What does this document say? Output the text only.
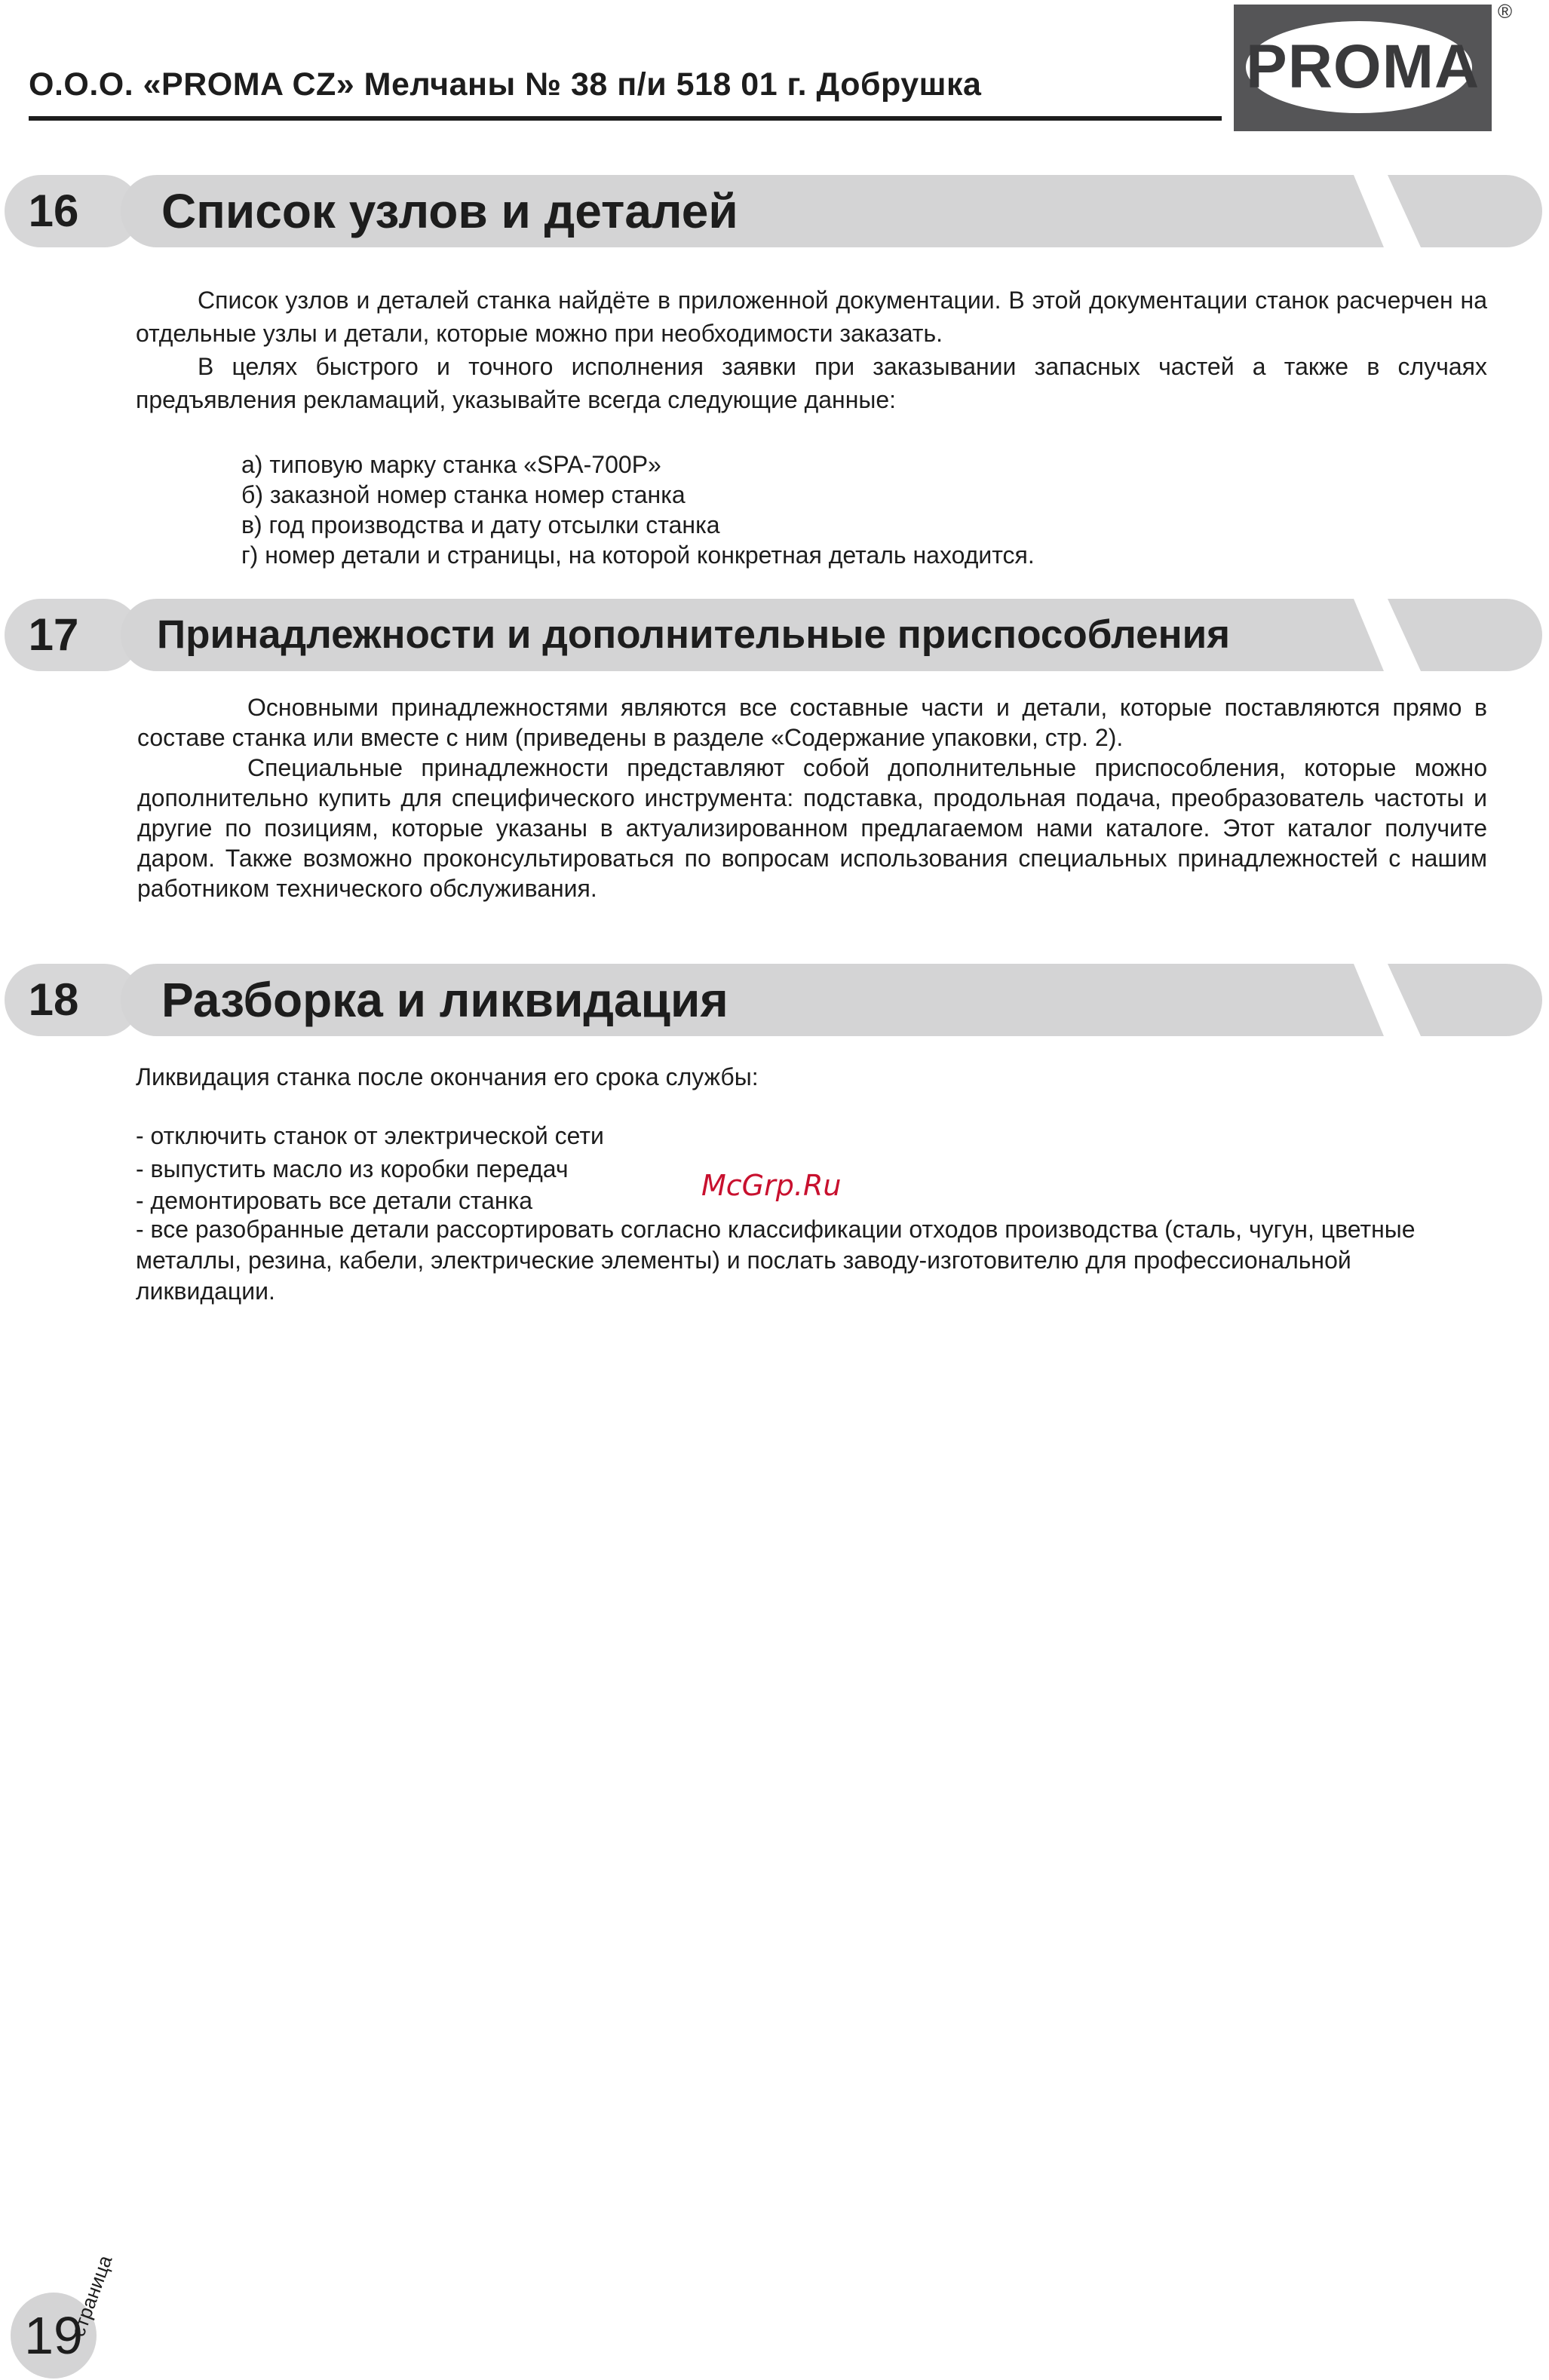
О.О.О. «PROMA CZ» Мелчаны № 38 п/и 518 01 г. Добрушка	PROMA
®
16	Список узлов и деталей
Список узлов и деталей станка найдёте в приложенной документации. В этой документации станок расчерчен на отдельные узлы и детали, которые можно при необходимости заказать.
В целях быстрого и точного исполнения заявки при заказывании запасных частей а также в случаях предъявления рекламаций, указывайте всегда следующие данные:
а) типовую марку станка «SPA-700P»
б) заказной номер станка номер станка
в) год производства и дату отсылки станка
г) номер детали и страницы, на которой конкретная деталь находится.
17	Принадлежности и дополнительные приспособления
Основными принадлежностями являются все составные части и детали, которые поставляются прямо в составе станка или вместе с ним (приведены в разделе «Содержание упаковки, стр. 2).
Специальные принадлежности представляют собой дополнительные приспособления, которые можно дополнительно купить для специфического инструмента: подставка, продольная подача, преобразователь частоты и другие по позициям, которые указаны в актуализированном предлагаемом нами каталоге. Этот каталог получите даром. Также возможно проконсультироваться по вопросам использования специальных принадлежностей с нашим работником технического обслуживания.
18	Разборка и ликвидация
Ликвидация станка после окончания его срока службы:
- отключить станок от электрической сети
- выпустить масло из коробки передач
- демонтировать все детали станка
- все разобранные детали рассортировать согласно классификации отходов производства (сталь, чугун, цветные металлы, резина, кабели, электрические элементы) и послать заводу-изготовителю для профессиональной ликвидации.
McGrp.Ru
19
страница
